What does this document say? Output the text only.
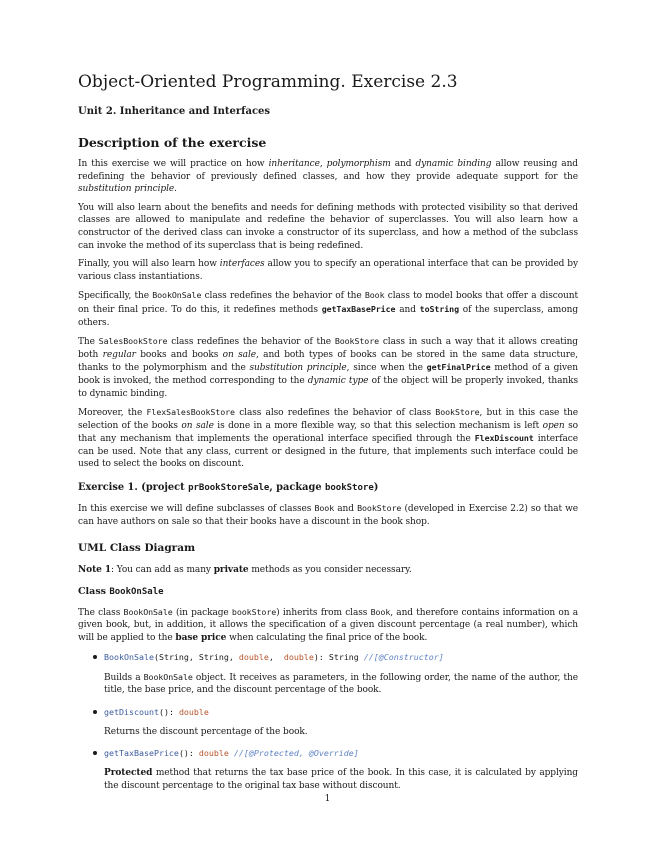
Object-Oriented Programming. Exercise 2.3
Unit 2. Inheritance and Interfaces
Description of the exercise

In this exercise we will practice on how inheritance, polymorphism and dynamic binding allow reusing and redefining the behavior of previously defined classes, and how they provide adequate support for the substitution principle.

You will also learn about the benefits and needs for defining methods with protected visibility so that derived classes are allowed to manipulate and redefine the behavior of superclasses. You will also learn how a constructor of the derived class can invoke a constructor of its superclass, and how a method of the subclass can invoke the method of its superclass that is being redefined.

Finally, you will also learn how interfaces allow you to specify an operational interface that can be provided by various class instantiations.

Specifically, the BookOnSale class redefines the behavior of the Book class to model books that offer a discount on their final price. To do this, it redefines methods getTaxBasePrice and toString of the superclass, among others.

The SalesBookStore class redefines the behavior of the BookStore class in such a way that it allows creating both regular books and books on sale, and both types of books can be stored in the same data structure, thanks to the polymorphism and the substitution principle, since when the getFinalPrice method of a given book is invoked, the method corresponding to the dynamic type of the object will be properly invoked, thanks to dynamic binding.

Moreover, the FlexSalesBookStore class also redefines the behavior of class BookStore, but in this case the selection of the books on sale is done in a more flexible way, so that this selection mechanism is left open so that any mechanism that implements the operational interface specified through the FlexDiscount interface can be used. Note that any class, current or designed in the future, that implements such interface could be used to select the books on discount.

Exercise 1. (project prBookStoreSale, package bookStore)

In this exercise we will define subclasses of classes Book and BookStore (developed in Exercise 2.2) so that we can have authors on sale so that their books have a discount in the book shop.

UML Class Diagram

Note 1: You can add as many private methods as you consider necessary.

Class BookOnSale

The class BookOnSale (in package bookStore) inherits from class Book, and therefore contains information on a given book, but, in addition, it allows the specification of a given discount percentage (a real number), which will be applied to the base price when calculating the final price of the book.

BookOnSale(String, String, double,  double): String //[@Constructor]

Builds a BookOnSale object. It receives as parameters, in the following order, the name of the author, the title, the base price, and the discount percentage of the book.

getDiscount(): double

Returns the discount percentage of the book.

getTaxBasePrice(): double //[@Protected, @Override]

Protected method that returns the tax base price of the book. In this case, it is calculated by applying the discount percentage to the original tax base without discount.

1
